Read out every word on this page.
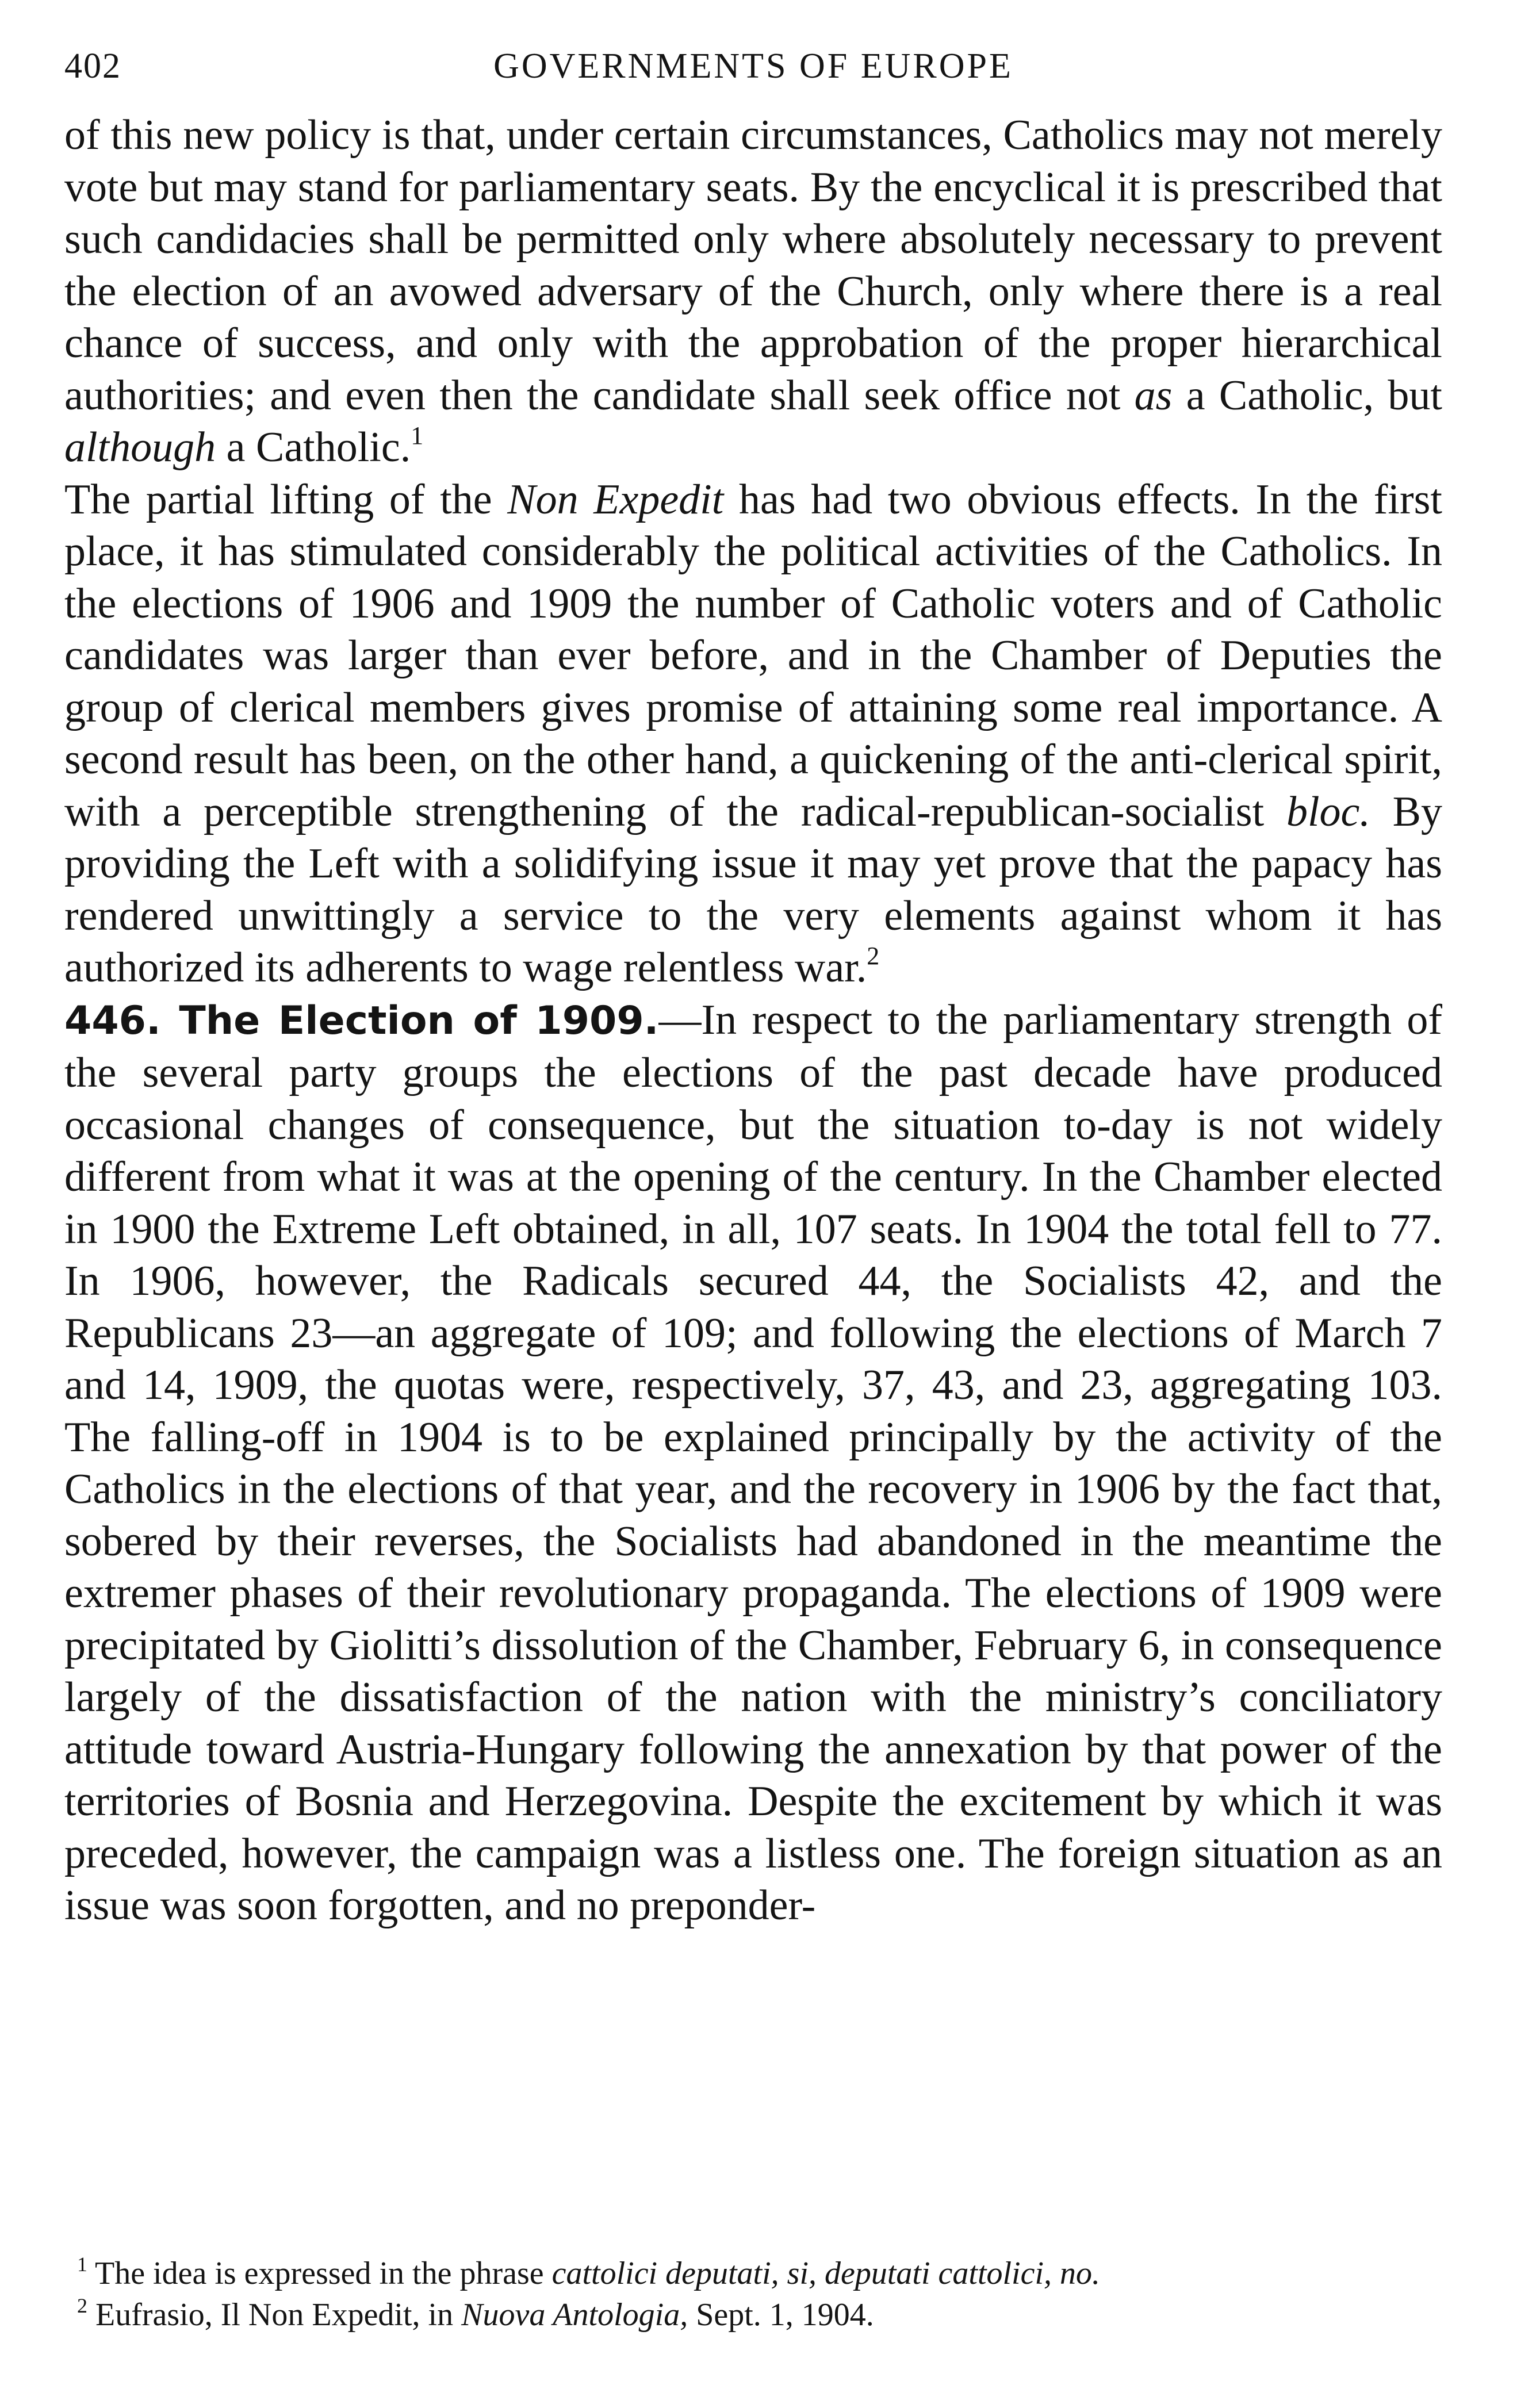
402	GOVERNMENTS OF EUROPE

of this new policy is that, under certain circumstances, Catholics may not merely vote but may stand for parliamentary seats. By the encyclical it is prescribed that such candidacies shall be permitted only where absolutely necessary to prevent the election of an avowed adversary of the Church, only where there is a real chance of success, and only with the approbation of the proper hierarchical authorities; and even then the candidate shall seek office not as a Catholic, but although a Catholic.$^1$

The partial lifting of the Non Expedit has had two obvious effects. In the first place, it has stimulated considerably the political activities of the Catholics. In the elections of 1906 and 1909 the number of Catholic voters and of Catholic candidates was larger than ever before, and in the Chamber of Deputies the group of clerical members gives promise of attaining some real importance. A second result has been, on the other hand, a quickening of the anti-clerical spirit, with a perceptible strengthening of the radical-republican-socialist bloc. By providing the Left with a solidifying issue it may yet prove that the papacy has rendered unwittingly a service to the very elements against whom it has authorized its adherents to wage relentless war.$^2$

446. The Election of 1909.—In respect to the parliamentary strength of the several party groups the elections of the past decade have produced occasional changes of consequence, but the situation to-day is not widely different from what it was at the opening of the century. In the Chamber elected in 1900 the Extreme Left obtained, in all, 107 seats. In 1904 the total fell to 77. In 1906, however, the Radicals secured 44, the Socialists 42, and the Republicans 23—an aggregate of 109; and following the elections of March 7 and 14, 1909, the quotas were, respectively, 37, 43, and 23, aggregating 103. The falling-off in 1904 is to be explained principally by the activity of the Catholics in the elections of that year, and the recovery in 1906 by the fact that, sobered by their reverses, the Socialists had abandoned in the meantime the extremer phases of their revolutionary propaganda. The elections of 1909 were precipitated by Giolitti’s dissolution of the Chamber, February 6, in consequence largely of the dissatisfaction of the nation with the ministry’s conciliatory attitude toward Austria-Hungary following the annexation by that power of the territories of Bosnia and Herzegovina. Despite the excitement by which it was preceded, however, the campaign was a listless one. The foreign situation as an issue was soon forgotten, and no preponder-

$^1$ The idea is expressed in the phrase cattolici deputati, si, deputati cattolici, no.

$^2$ Eufrasio, Il Non Expedit, in Nuova Antologia, Sept. 1, 1904.
